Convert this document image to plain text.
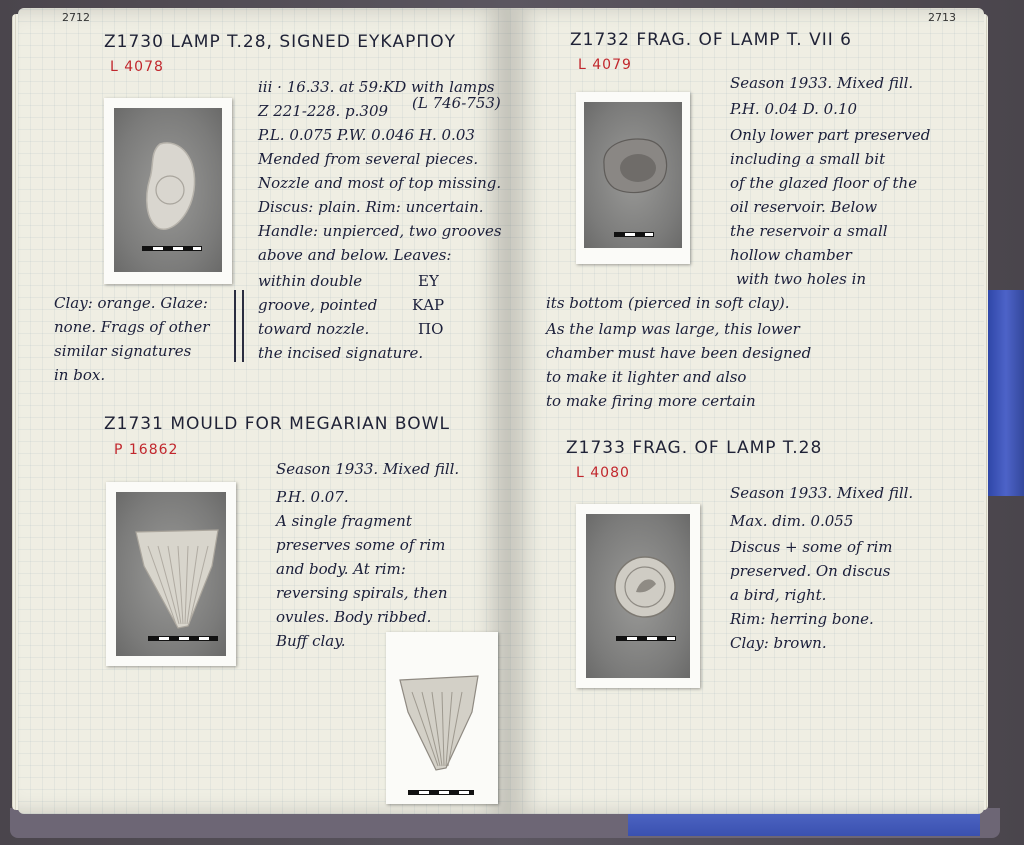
2712
Z1730 LAMP T.28, SIGNED ΕΥΚΑΡΠΟΥ
L 4078
iii · 16.33. at 59:KD with lamps
Z 221-228. p.309 (L 746-753)
P.L. 0.075 P.W. 0.046 H. 0.03
Mended from several pieces.
Nozzle and most of top missing.
Discus: plain. Rim: uncertain.
Handle: unpierced, two grooves
above and below. Leaves:
within double
groove, pointed
toward nozzle.
the incised signature.
ΕΥ
ΚΑΡ
ΠΟ
Clay: orange. Glaze:
none. Frags of other
similar signatures
in box.
Z1731 MOULD FOR MEGARIAN BOWL
P 16862
Season 1933. Mixed fill.
P.H. 0.07.
A single fragment
preserves some of rim
and body. At rim:
reversing spirals, then
ovules. Body ribbed.
Buff clay.
2713
Z1732 FRAG. OF LAMP T. VII 6
L 4079
Season 1933. Mixed fill.
P.H. 0.04 D. 0.10
Only lower part preserved
including a small bit
of the glazed floor of the
oil reservoir. Below
the reservoir a small
hollow chamber
with two holes in
its bottom (pierced in soft clay).
As the lamp was large, this lower
chamber must have been designed
to make it lighter and also
to make firing more certain
Z1733 FRAG. OF LAMP T.28
L 4080
Season 1933. Mixed fill.
Max. dim. 0.055
Discus + some of rim
preserved. On discus
a bird, right.
Rim: herring bone.
Clay: brown.
